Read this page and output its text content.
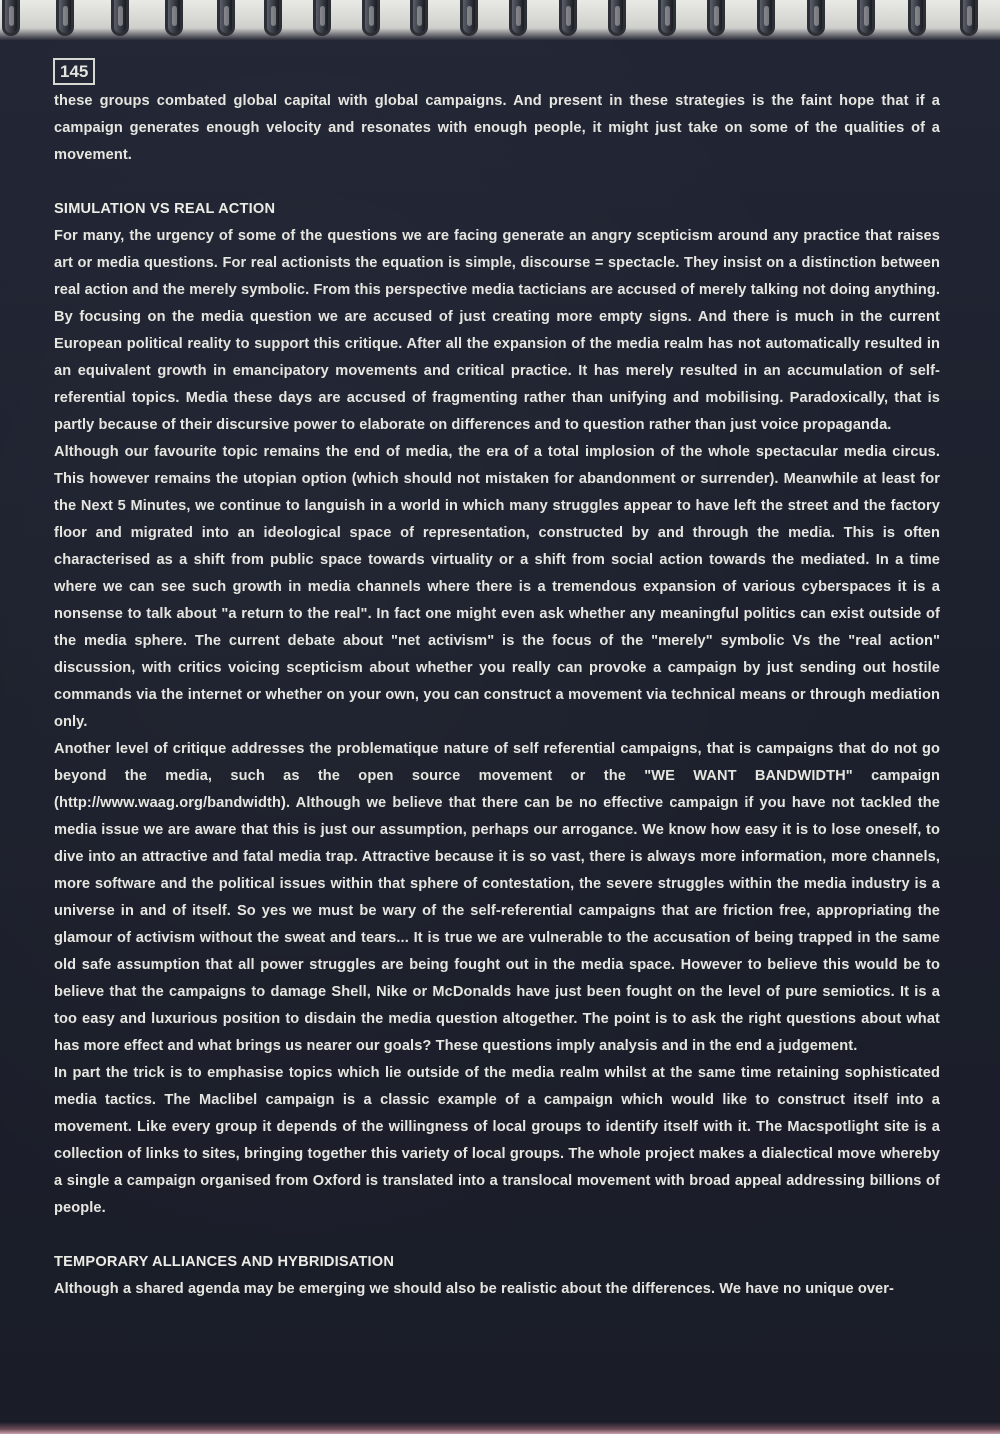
145

these groups combated global capital with global campaigns. And present in these strategies is the faint hope that if a campaign generates enough velocity and resonates with enough people, it might just take on some of the qualities of a movement.

SIMULATION VS REAL ACTION

For many, the urgency of some of the questions we are facing generate an angry scepticism around any practice that raises art or media questions. For real actionists the equation is simple, discourse = spectacle. They insist on a distinction between real action and the merely symbolic. From this perspective media tacticians are accused of merely talking not doing anything. By focusing on the media question we are accused of just creating more empty signs. And there is much in the current European political reality to support this critique. After all the expansion of the media realm has not automatically resulted in an equivalent growth in emancipatory movements and critical practice. It has merely resulted in an accumulation of self-referential topics. Media these days are accused of fragmenting rather than unifying and mobilising. Paradoxically, that is partly because of their discursive power to elaborate on differences and to question rather than just voice propaganda.

Although our favourite topic remains the end of media, the era of a total implosion of the whole spectacular media circus. This however remains the utopian option (which should not mistaken for abandonment or surrender). Meanwhile at least for the Next 5 Minutes, we continue to languish in a world in which many struggles appear to have left the street and the factory floor and migrated into an ideological space of representation, constructed by and through the media. This is often characterised as a shift from public space towards virtuality or a shift from social action towards the mediated. In a time where we can see such growth in media channels where there is a tremendous expansion of various cyberspaces it is a nonsense to talk about "a return to the real". In fact one might even ask whether any meaningful politics can exist outside of the media sphere. The current debate about "net activism" is the focus of the "merely" symbolic Vs the "real action" discussion, with critics voicing scepticism about whether you really can provoke a campaign by just sending out hostile commands via the internet or whether on your own, you can construct a movement via technical means or through mediation only.

Another level of critique addresses the problematique nature of self referential campaigns, that is campaigns that do not go beyond the media, such as the open source movement or the "WE WANT BANDWIDTH" campaign (http://www.waag.org/bandwidth). Although we believe that there can be no effective campaign if you have not tackled the media issue we are aware that this is just our assumption, perhaps our arrogance. We know how easy it is to lose oneself, to dive into an attractive and fatal media trap. Attractive because it is so vast, there is always more information, more channels, more software and the political issues within that sphere of contestation, the severe struggles within the media industry is a universe in and of itself. So yes we must be wary of the self-referential campaigns that are friction free, appropriating the glamour of activism without the sweat and tears... It is true we are vulnerable to the accusation of being trapped in the same old safe assumption that all power struggles are being fought out in the media space. However to believe this would be to believe that the campaigns to damage Shell, Nike or McDonalds have just been fought on the level of pure semiotics. It is a too easy and luxurious position to disdain the media question altogether. The point is to ask the right questions about what has more effect and what brings us nearer our goals? These questions imply analysis and in the end a judgement.

In part the trick is to emphasise topics which lie outside of the media realm whilst at the same time retaining sophisticated media tactics. The Maclibel campaign is a classic example of a campaign which would like to construct itself into a movement. Like every group it depends of the willingness of local groups to identify itself with it. The Macspotlight site is a collection of links to sites, bringing together this variety of local groups. The whole project makes a dialectical move whereby a single a campaign organised from Oxford is translated into a translocal movement with broad appeal addressing billions of people.

TEMPORARY ALLIANCES AND HYBRIDISATION

Although a shared agenda may be emerging we should also be realistic about the differences. We have no unique over-
